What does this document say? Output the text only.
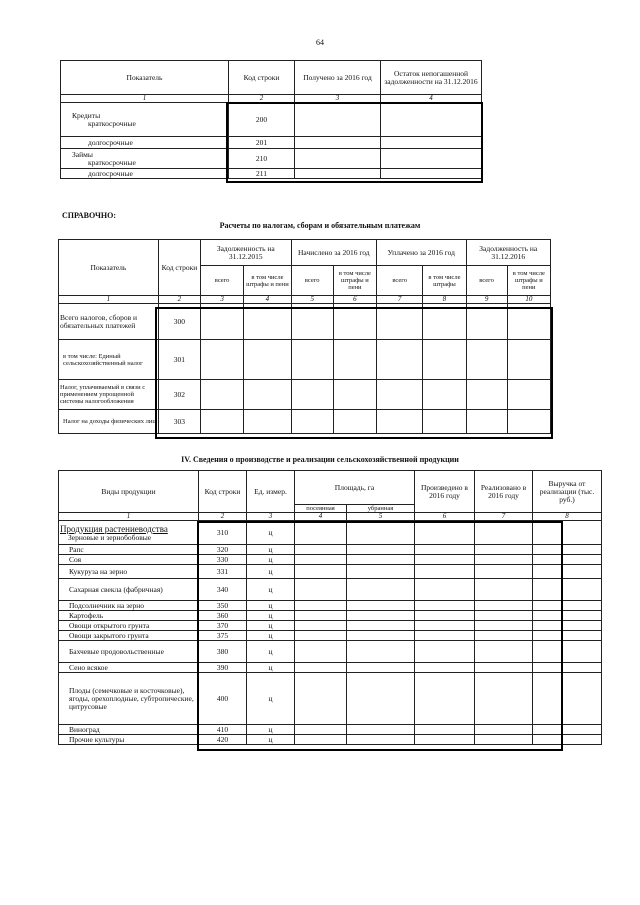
64
Показатель	Код строки	Получено за 2016 год	Остаток непогашенной задолженности на 31.12.2016
1	2	3	4

Кредиты
краткосрочные	200		

долгосрочные	201		

Займы
краткосрочные	210		

долгосрочные	211		
СПРАВОЧНО:
Расчеты по налогам, сборам и обязательным платежам
Показатель	Код строки	Задолженность на 31.12.2015		Начислено за 2016 год		Уплачено за 2016 год		Задолженность на 31.12.2016	
		всего	в том числе штрафы и пени	всего	в том числе штрафы и пени	всего	в том числе штрафы	всего	в том числе штрафы и пени
1	2	3	4	5	6	7	8	9	10
Всего налогов, сборов и обязательных платежей	300								
в том числе: Единый сельскохозяйственный налог	301								
Налог, уплачиваемый в связи с применением упрощенной системы налогообложения	302								
Налог на доходы физических лиц	303								
IV. Сведения о производстве и реализации сельскохозяйственной продукции
Виды продукции	Код строки	Ед. измер.	Площадь, га		Произведено в 2016 году	Реализовано в 2016 году	Выручка от реализации (тыс. руб.)
			посеянная	убранная			
1	2	3	4	5	6	7	8

Продукция растениеводства
Зерновые и зернобобовые	310	ц					
Рапс	320	ц					
Соя	330	ц					
Кукуруза на зерно	331	ц					
Сахарная свекла (фабричная)	340	ц					
Подсолнечник на зерно	350	ц					
Картофель	360	ц					
Овощи открытого грунта	370	ц					
Овощи закрытого грунта	375	ц					
Бахчевые продовольственные	380	ц					
Сено всякое	390	ц					
Плоды (семечковые и косточковые), ягоды, орехоплодные, субтропические, цитрусовые	400	ц					
Виноград	410	ц					
Прочие культуры	420	ц					
